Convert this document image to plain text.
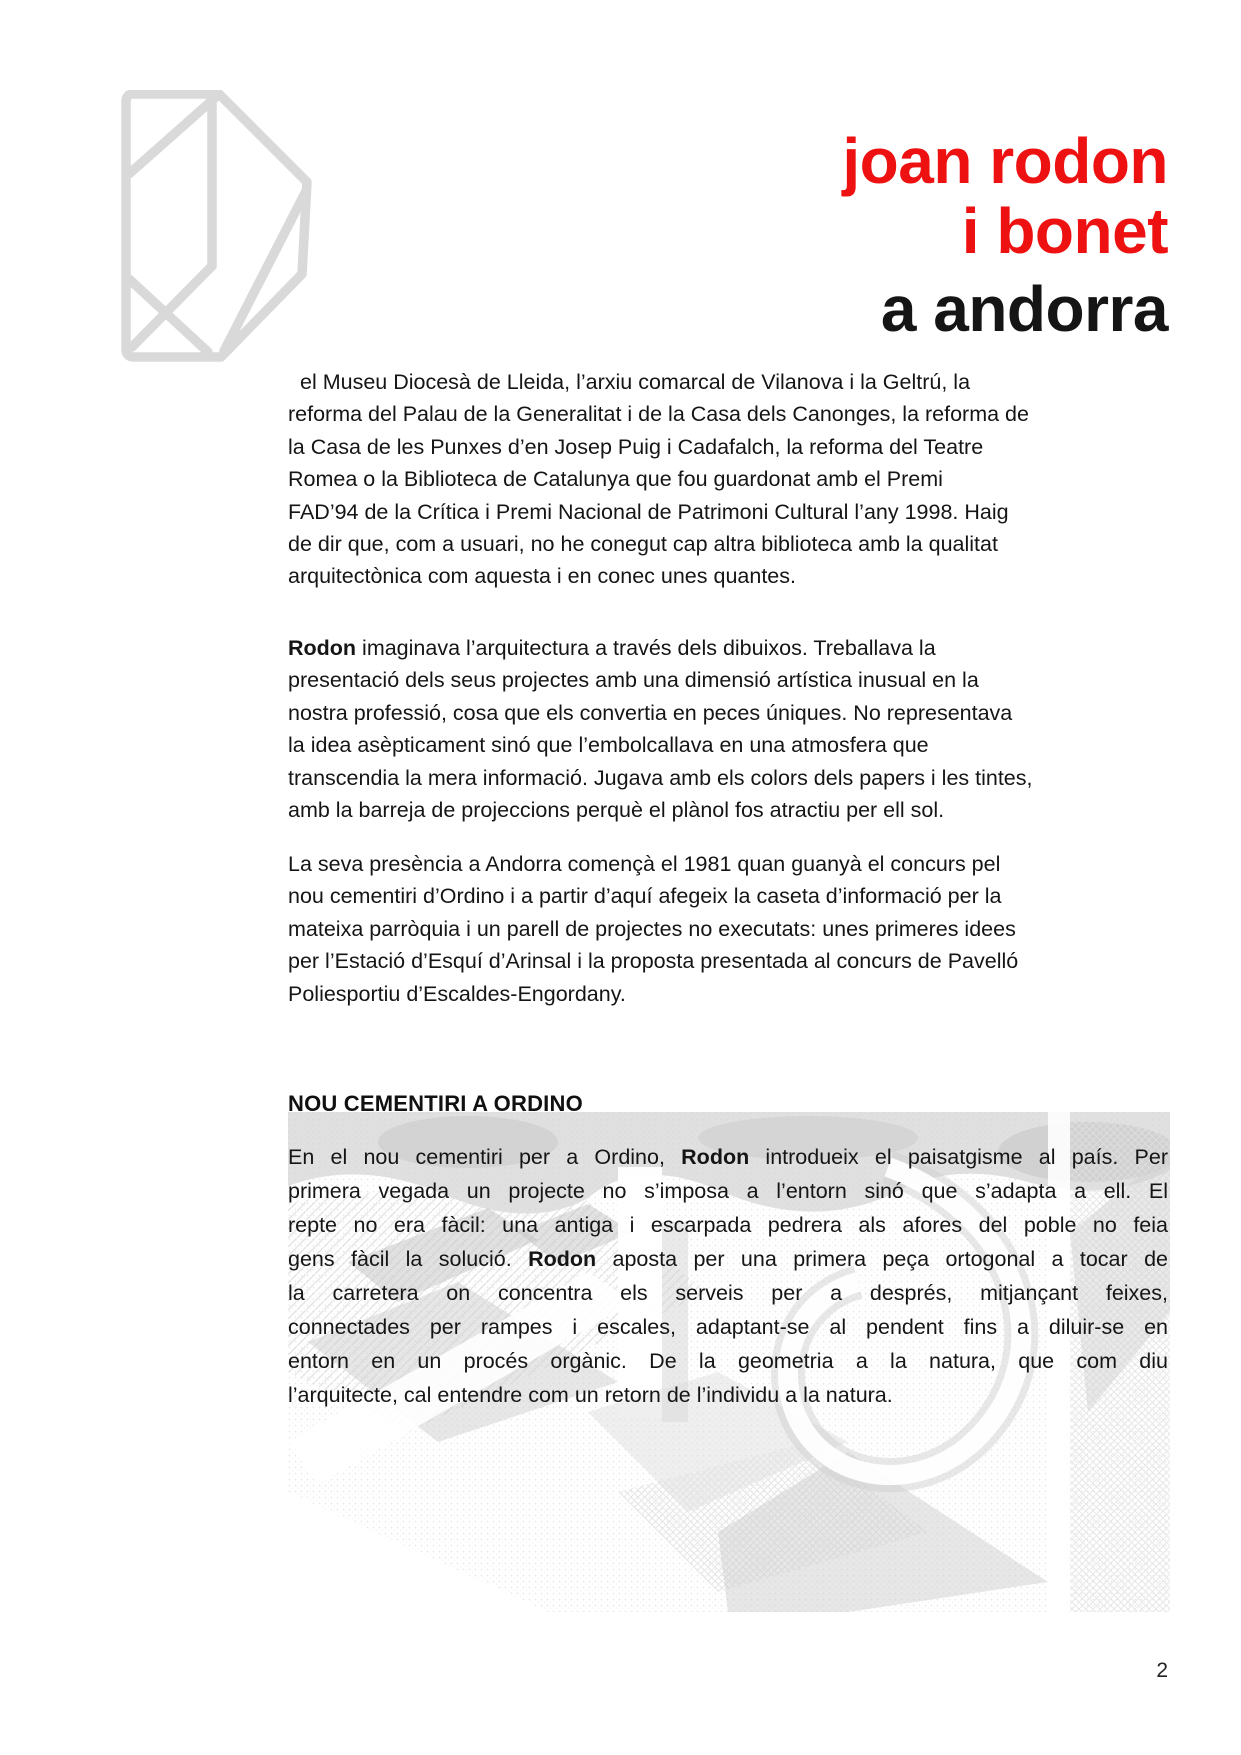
joan rodon
i bonet
a andorra
el Museu Diocesà de Lleida, l’arxiu comarcal de Vilanova i la Geltrú, la
reforma del Palau de la Generalitat i de la Casa dels Canonges, la reforma de
la Casa de les Punxes d’en Josep Puig i Cadafalch, la reforma del Teatre
Romea o la Biblioteca de Catalunya que fou guardonat amb el Premi
FAD’94 de la Crítica i Premi Nacional de Patrimoni Cultural l’any 1998. Haig
de dir que, com a usuari, no he conegut cap altra biblioteca amb la qualitat
arquitectònica com aquesta i en conec unes quantes.
Rodon imaginava l’arquitectura a través dels dibuixos. Treballava la
presentació dels seus projectes amb una dimensió artística inusual en la
nostra professió, cosa que els convertia en peces úniques. No representava
la idea asèpticament sinó que l’embolcallava en una atmosfera que
transcendia la mera informació. Jugava amb els colors dels papers i les tintes,
amb la barreja de projeccions perquè el plànol fos atractiu per ell sol.
La seva presència a Andorra començà el 1981 quan guanyà el concurs pel
nou cementiri d’Ordino i a partir d’aquí afegeix la caseta d’informació per la
mateixa parròquia i un parell de projectes no executats: unes primeres idees
per l’Estació d’Esquí d’Arinsal i la proposta presentada al concurs de Pavelló
Poliesportiu d’Escaldes-Engordany.
NOU CEMENTIRI A ORDINO
En el nou cementiri per a Ordino, Rodon introdueix el paisatgisme al país. Per
primera vegada un projecte no s’imposa a l’entorn sinó que s’adapta a ell. El
repte no era fàcil: una antiga i escarpada pedrera als afores del poble no feia
gens fàcil la solució. Rodon aposta per una primera peça ortogonal a tocar de
la carretera on concentra els serveis per a després, mitjançant feixes,
connectades per rampes i escales, adaptant-se al pendent fins a diluir-se en
entorn en un procés orgànic. De la geometria a la natura, que com diu
l’arquitecte, cal entendre com un retorn de l’individu a la natura.
2
